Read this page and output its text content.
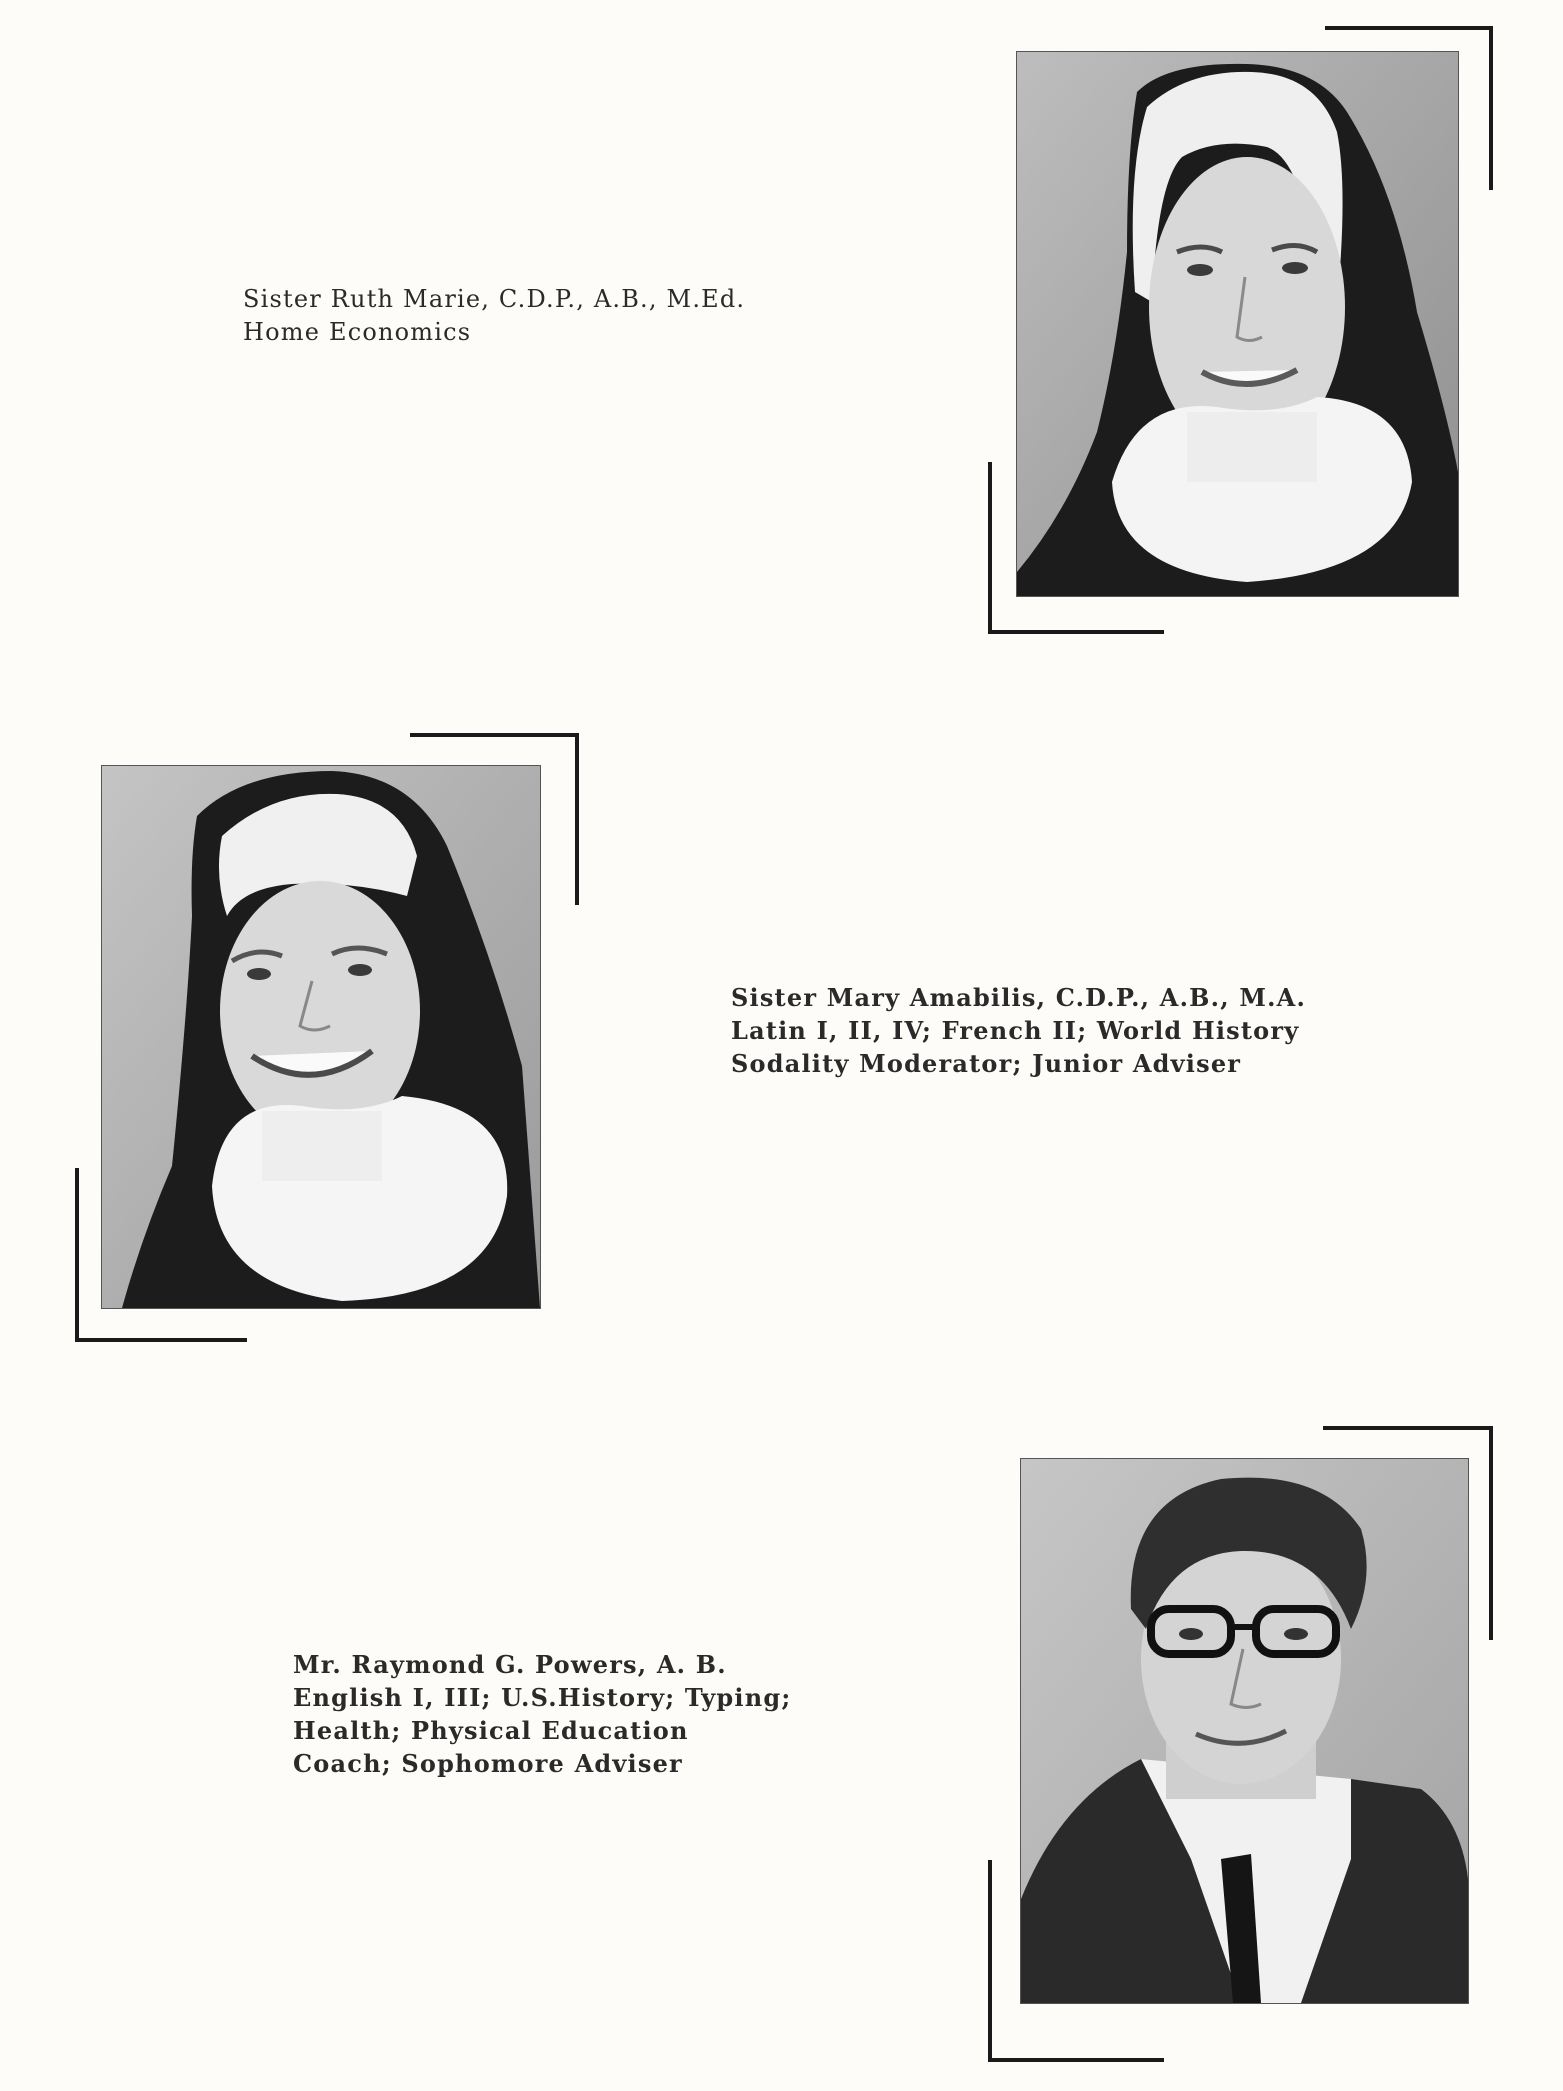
Sister Ruth Marie, C.D.P., A.B., M.Ed.
Home Economics
Sister Mary Amabilis, C.D.P., A.B., M.A.
Latin I, II, IV; French II; World History
Sodality Moderator; Junior Adviser
Mr. Raymond G. Powers, A. B.
English I, III; U.S.History; Typing;
Health; Physical Education
Coach; Sophomore Adviser
